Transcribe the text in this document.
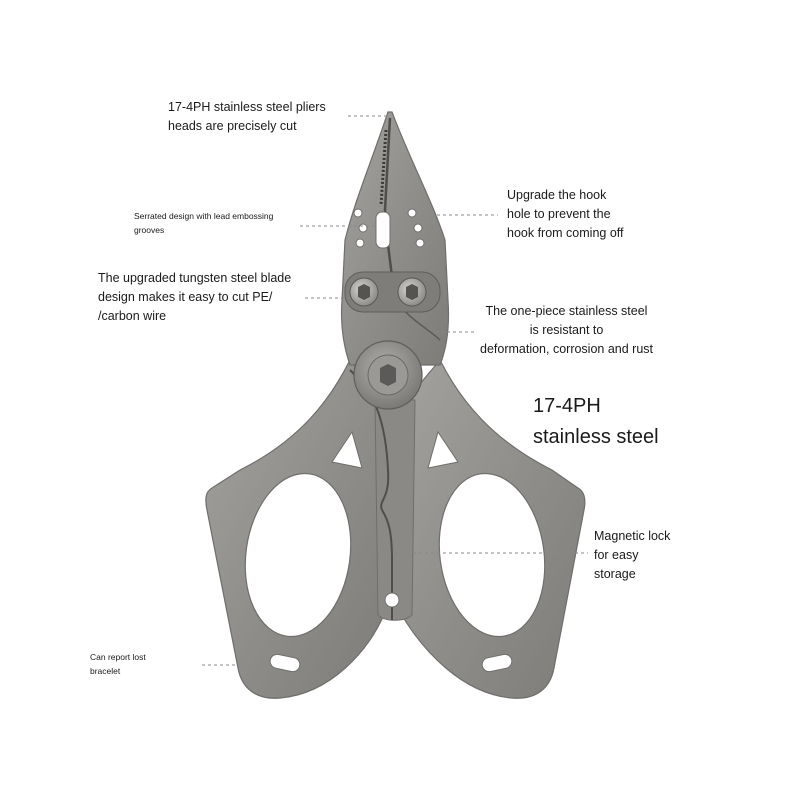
17-4PH stainless steel pliers
heads are precisely cut
Serrated design with lead embossing
grooves
Upgrade the hook
hole to prevent the
hook from coming off
The upgraded tungsten steel blade
design makes it easy to cut PE/
/carbon wire	The one-piece stainless steel
is resistant to
deformation, corrosion and rust
17-4PH
stainless steel
Magnetic lock
for easy
storage
Can report lost
bracelet
